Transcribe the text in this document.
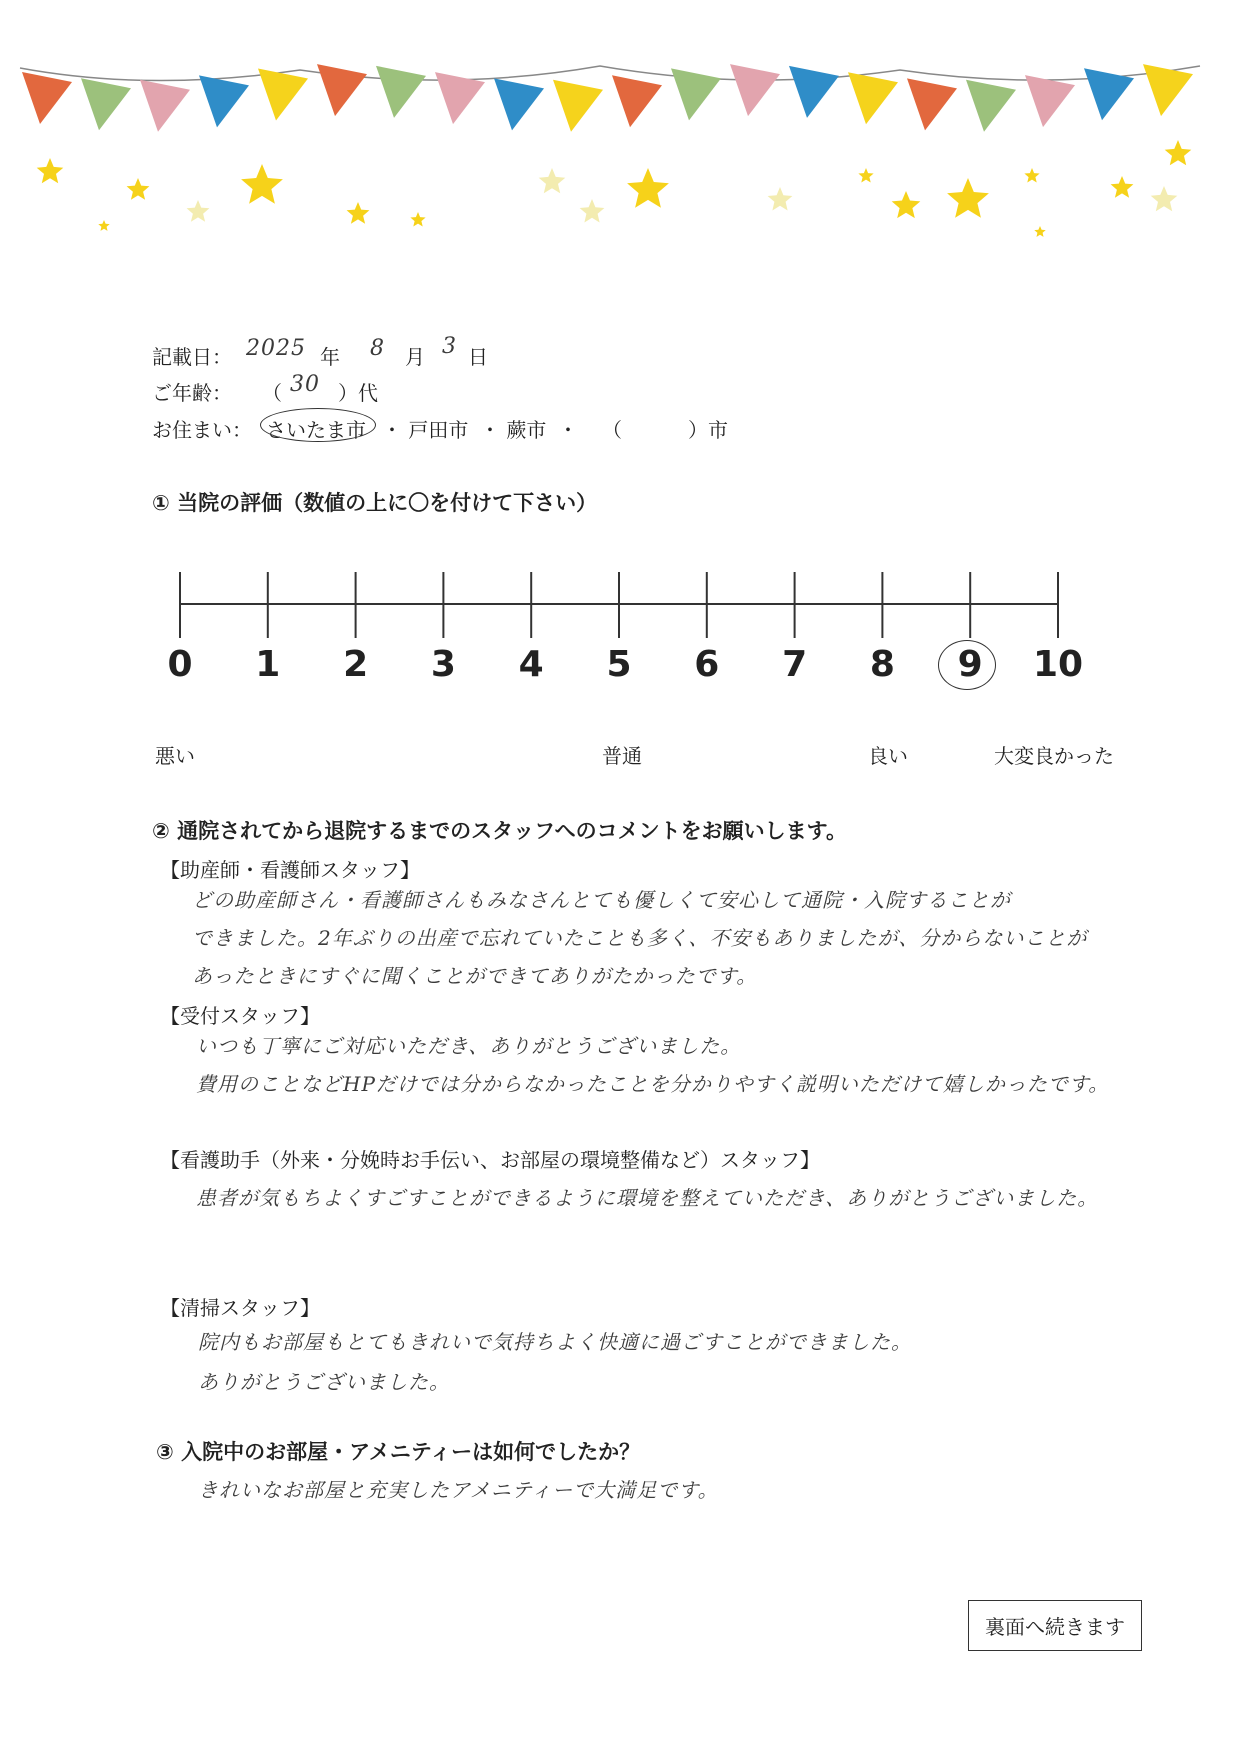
記載日： 2025 年 8 月 3 日
ご年齢： （ 30 ）代
お住まい： さいたま市 ・ 戸田市 ・ 蕨市 ・ （	）市
① 当院の評価（数値の上に〇を付けて下さい）
0	1	2	3	4	5	6	7	8	9	10
悪い	普通	良い	大変良かった
② 通院されてから退院するまでのスタッフへのコメントをお願いします。
【助産師・看護師スタッフ】
どの助産師さん・看護師さんもみなさんとても優しくて安心して通院・入院することが
できました。2年ぶりの出産で忘れていたことも多く、不安もありましたが、分からないことが
あったときにすぐに聞くことができてありがたかったです。
【受付スタッフ】
いつも丁寧にご対応いただき、ありがとうございました。
費用のことなどHPだけでは分からなかったことを分かりやすく説明いただけて嬉しかったです。
【看護助手（外来・分娩時お手伝い、お部屋の環境整備など）スタッフ】
患者が気もちよくすごすことができるように環境を整えていただき、ありがとうございました。
【清掃スタッフ】
院内もお部屋もとてもきれいで気持ちよく快適に過ごすことができました。
ありがとうございました。
③ 入院中のお部屋・アメニティーは如何でしたか？
きれいなお部屋と充実したアメニティーで大満足です。
裏面へ続きます
